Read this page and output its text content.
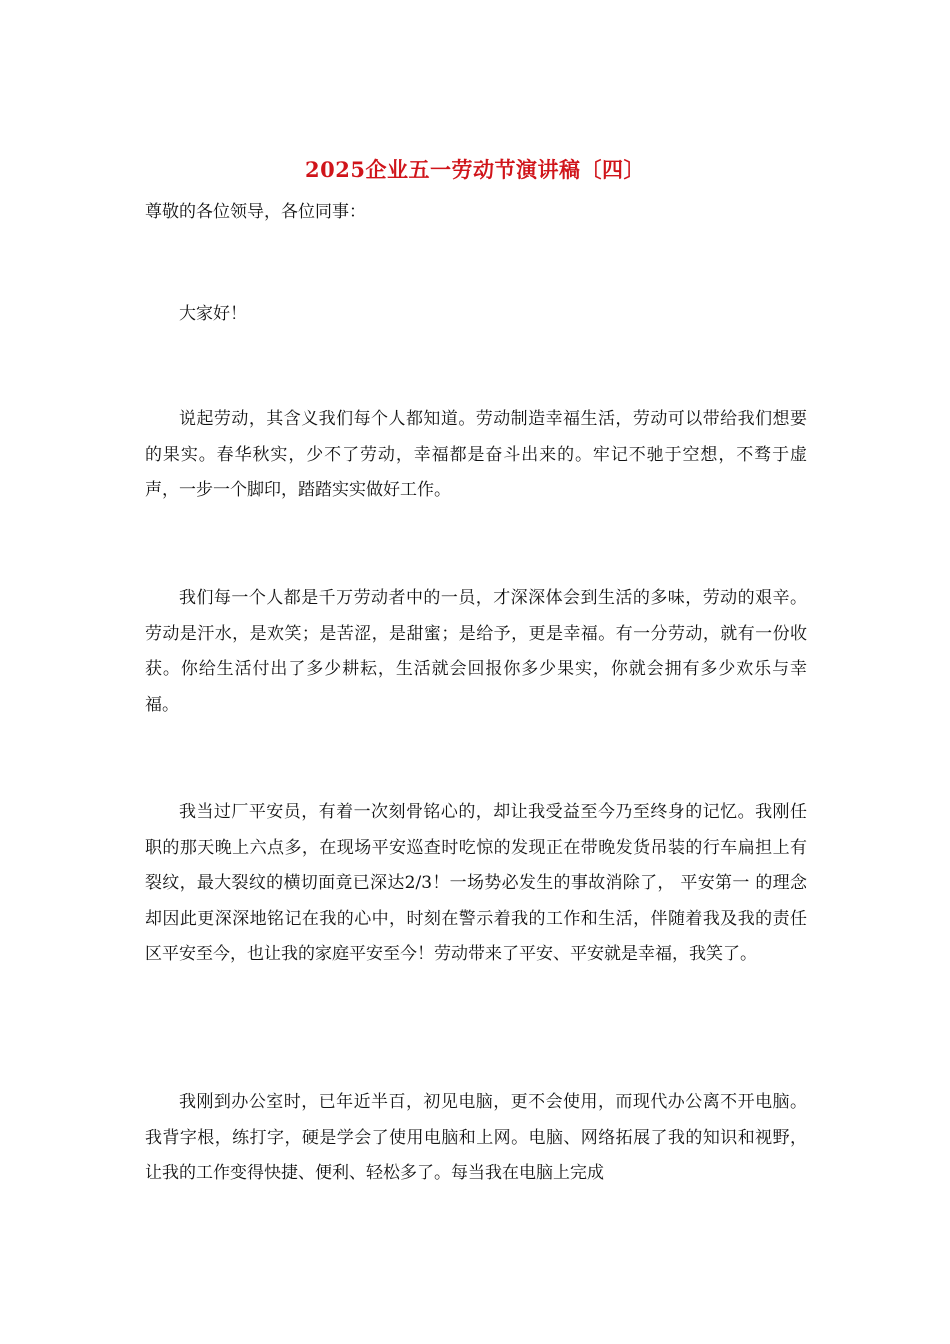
2025企业五一劳动节演讲稿〔四〕
尊敬的各位领导，各位同事：

大家好！

说起劳动，其含义我们每个人都知道。劳动制造幸福生活，劳动可以带给我们想要的果实。春华秋实，少不了劳动，幸福都是奋斗出来的。牢记不驰于空想，不骛于虚声，一步一个脚印，踏踏实实做好工作。

我们每一个人都是千万劳动者中的一员，才深深体会到生活的多味，劳动的艰辛。劳动是汗水，是欢笑；是苦涩，是甜蜜；是给予，更是幸福。有一分劳动，就有一份收获。你给生活付出了多少耕耘，生活就会回报你多少果实，你就会拥有多少欢乐与幸福。

我当过厂平安员，有着一次刻骨铭心的，却让我受益至今乃至终身的记忆。我刚任职的那天晚上六点多，在现场平安巡查时吃惊的发现正在带晚发货吊装的行车扁担上有裂纹，最大裂纹的横切面竟已深达2/3！一场势必发生的事故消除了， 平安第一 的理念却因此更深深地铭记在我的心中，时刻在警示着我的工作和生活，伴随着我及我的责任区平安至今，也让我的家庭平安至今！劳动带来了平安、平安就是幸福，我笑了。

我刚到办公室时，已年近半百，初见电脑，更不会使用，而现代办公离不开电脑。我背字根，练打字，硬是学会了使用电脑和上网。电脑、网络拓展了我的知识和视野，让我的工作变得快捷、便利、轻松多了。每当我在电脑上完成
